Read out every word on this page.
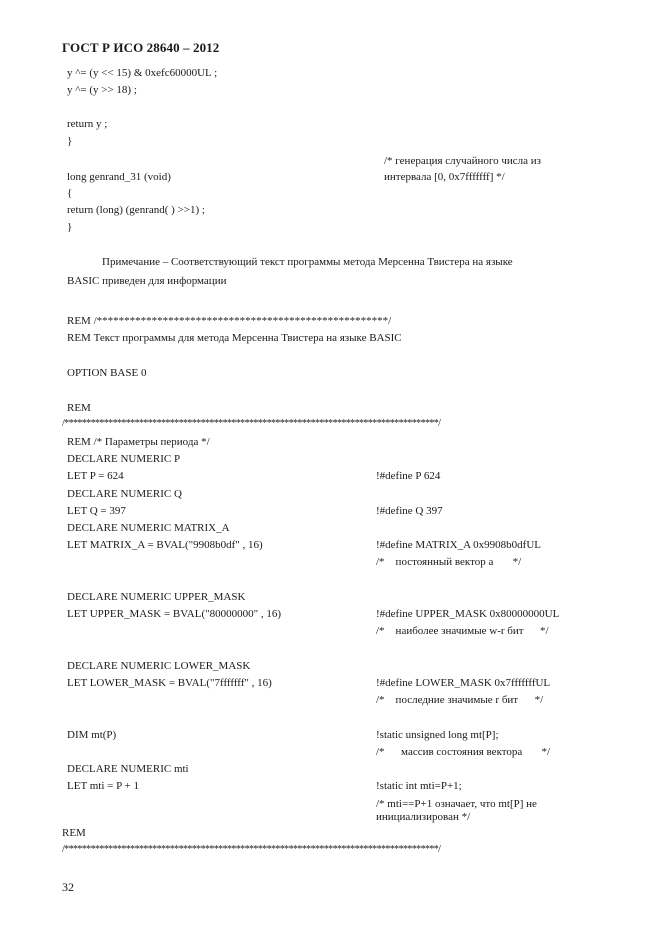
ГОСТ Р ИСО 28640 – 2012
y ^= (y << 15) & 0xefc60000UL ;
y ^= (y >> 18) ;
return y ;
}
/* генерация случайного числа из
long genrand_31 (void)	интервала [0, 0x7fffffff] */
{
return (long) (genrand( ) >>1) ;
}
Примечание – Соответствующий текст программы метода Мерсенна Твистера на языке
BASIC приведен для информации
REM /*****************************************************/
REM Текст программы для метода Мерсенна Твистера на языке BASIC
OPTION BASE 0
REM
/*************************************************************************************/
REM /* Параметры периода */
DECLARE NUMERIC P
LET P = 624
DECLARE NUMERIC Q
LET Q = 397
DECLARE NUMERIC MATRIX_A
LET MATRIX_A = BVAL("9908b0df" , 16)
DECLARE NUMERIC UPPER_MASK
LET UPPER_MASK = BVAL("80000000" , 16)
DECLARE NUMERIC LOWER_MASK
LET LOWER_MASK = BVAL("7fffffff" , 16)
DIM mt(P)
DECLARE NUMERIC mti
LET mti = P + 1
REM
/*************************************************************************************/
!#define P 624
!#define Q 397
!#define MATRIX_A 0x9908b0dfUL
/*    постоянный вектор a       */
!#define UPPER_MASK 0x80000000UL
/*    наиболее значимые w-r бит      */
!#define LOWER_MASK 0x7fffffffUL
/*    последние значимые r бит      */
!static unsigned long mt[P];
/*      массив состояния вектора       */
!static int mti=P+1;
/* mti==P+1 означает, что mt[P] не
инициализирован */
32
